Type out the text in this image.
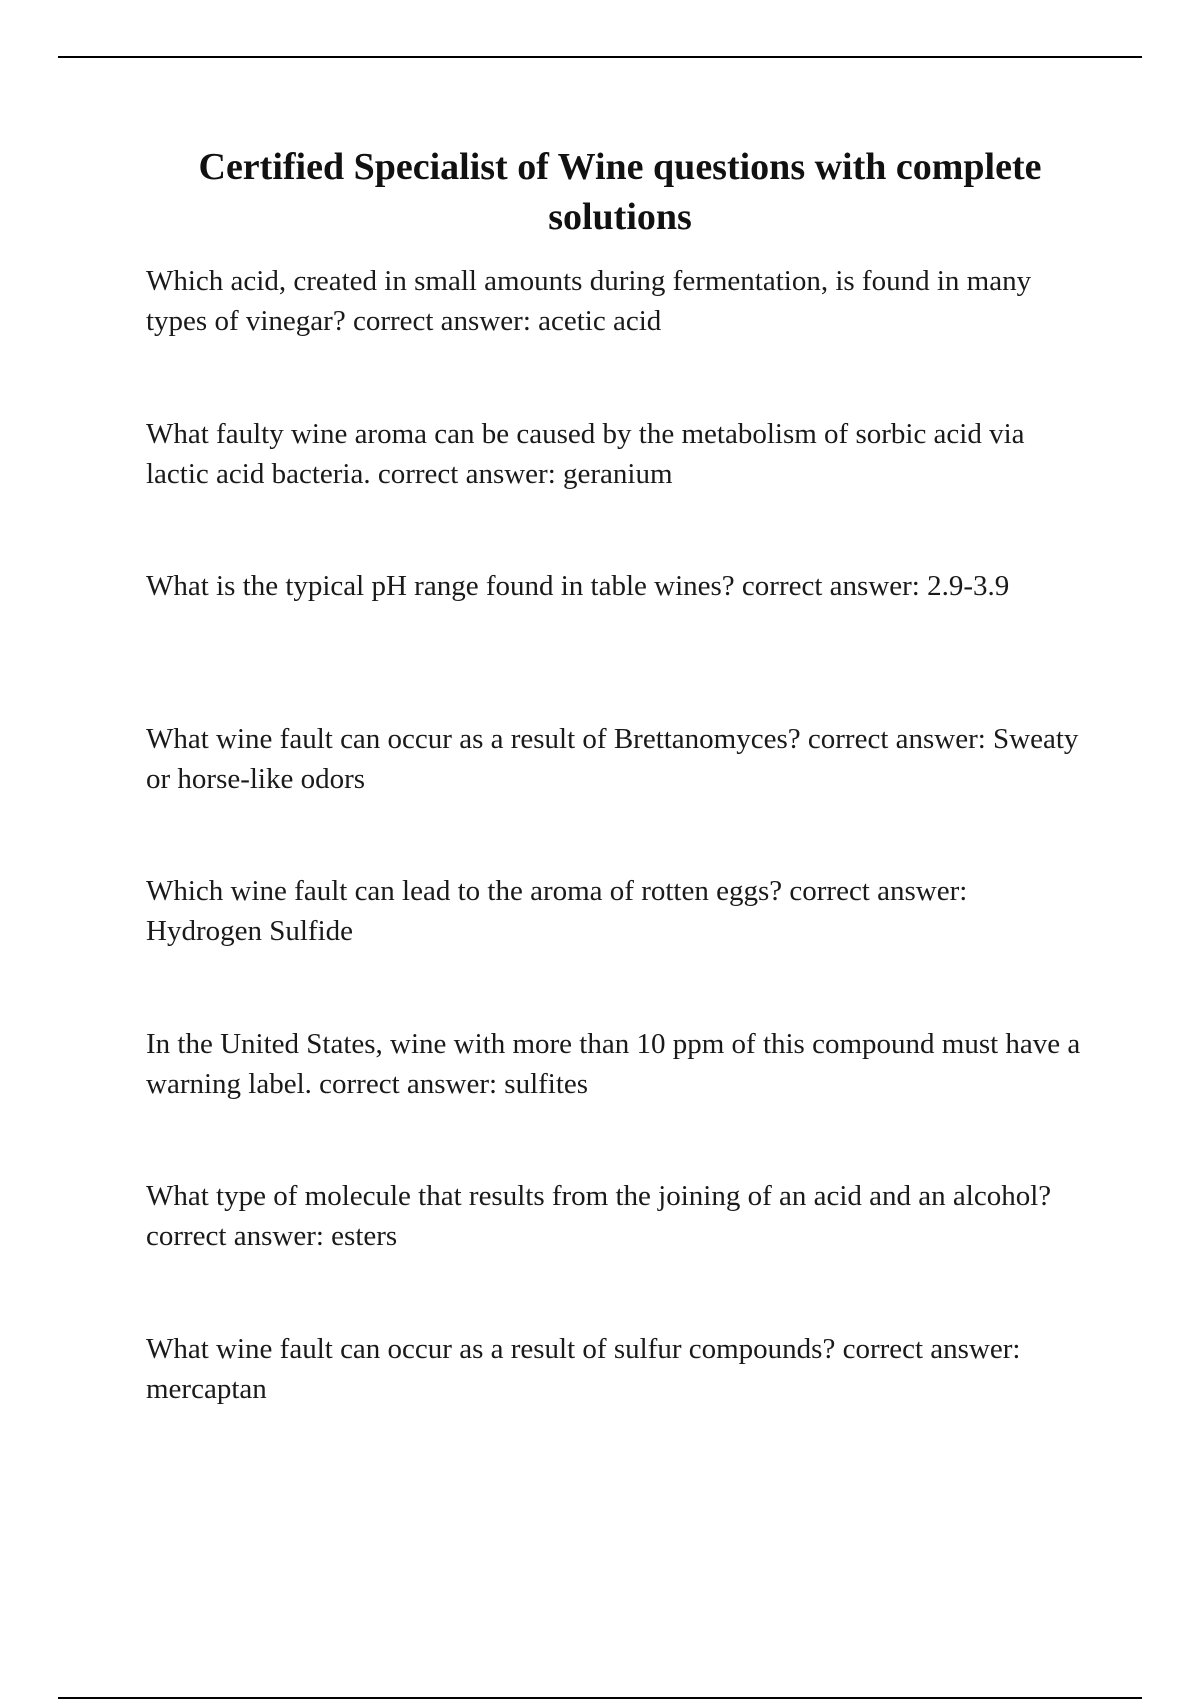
Certified Specialist of Wine questions with complete solutions

Which acid, created in small amounts during fermentation, is found in many types of vinegar? correct answer: acetic acid

What faulty wine aroma can be caused by the metabolism of sorbic acid via lactic acid bacteria. correct answer: geranium

What is the typical pH range found in table wines? correct answer: 2.9-3.9

What wine fault can occur as a result of Brettanomyces? correct answer: Sweaty or horse-like odors

Which wine fault can lead to the aroma of rotten eggs? correct answer: Hydrogen Sulfide

In the United States, wine with more than 10 ppm of this compound must have a warning label. correct answer: sulfites

What type of molecule that results from the joining of an acid and an alcohol? correct answer: esters

What wine fault can occur as a result of sulfur compounds? correct answer: mercaptan
